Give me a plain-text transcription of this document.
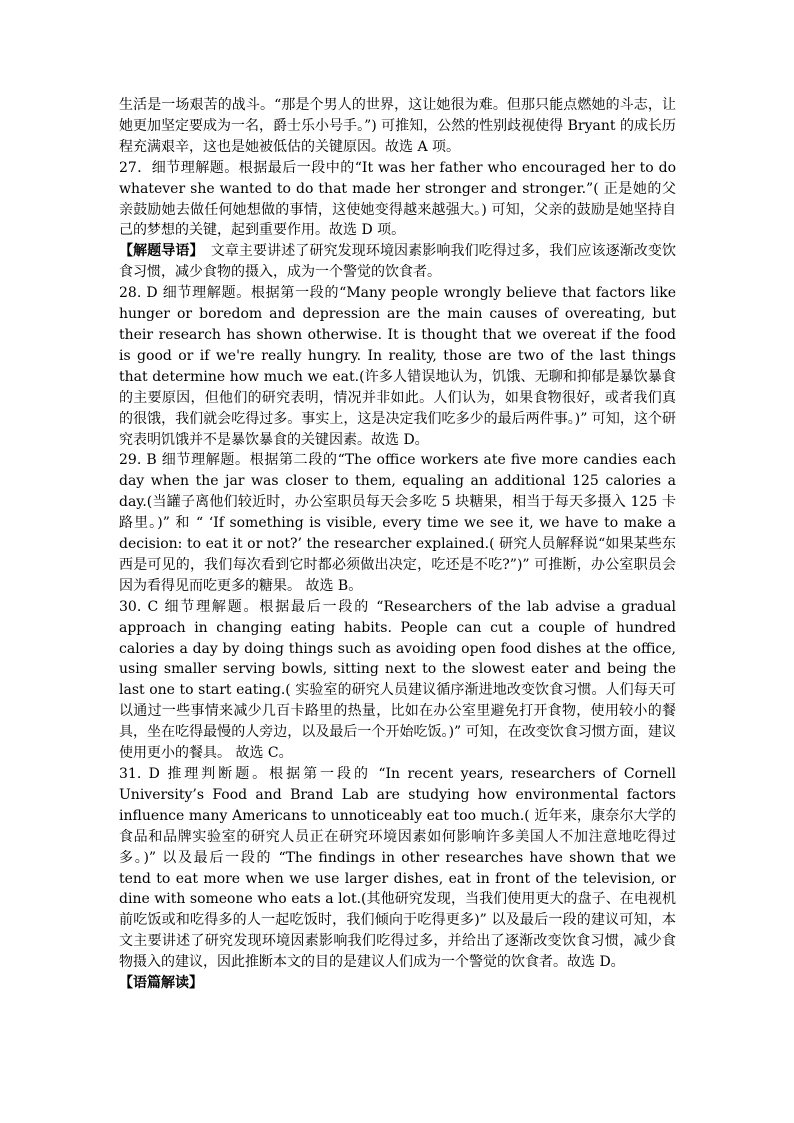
生活是一场艰苦的战斗。“那是个男人的世界，这让她很为难。但那只能点燃她的斗志，让她更加坚定要成为一名，爵士乐小号手。”) 可推知，公然的性别歧视使得 Bryant 的成长历程充满艰辛，这也是她被低估的关键原因。故选 A 项。

27．细节理解题。根据最后一段中的“It was her father who encouraged her to do whatever she wanted to do that made her stronger and stronger.”( 正是她的父亲鼓励她去做任何她想做的事情，这使她变得越来越强大。) 可知，父亲的鼓励是她坚持自己的梦想的关键，起到重要作用。故选 D 项。

【解题导语】　文章主要讲述了研究发现环境因素影响我们吃得过多，我们应该逐渐改变饮食习惯，减少食物的摄入，成为一个警觉的饮食者。

28. D 细节理解题。根据第一段的“Many people wrongly believe that factors like hunger or boredom and depression are the main causes of overeating, but their research has shown otherwise. It is thought that we overeat if the food is good or if we're really hungry. In reality, those are two of the last things that determine how much we eat.(许多人错误地认为，饥饿、无聊和抑郁是暴饮暴食的主要原因，但他们的研究表明，情况并非如此。人们认为，如果食物很好，或者我们真的很饿，我们就会吃得过多。事实上，这是决定我们吃多少的最后两件事。)” 可知，这个研究表明饥饿并不是暴饮暴食的关键因素。故选 D。

29. B 细节理解题。根据第二段的“The office workers ate five more candies each day when the jar was closer to them, equaling an additional 125 calories a day.(当罐子离他们较近时，办公室职员每天会多吃 5 块糖果，相当于每天多摄入 125 卡路里。)” 和 “ ‘If something is visible, every time we see it, we have to make a decision: to eat it or not?’ the researcher explained.( 研究人员解释说“如果某些东西是可见的，我们每次看到它时都必须做出决定，吃还是不吃?”)” 可推断，办公室职员会因为看得见而吃更多的糖果。 故选 B。

30. C 细节理解题。根据最后一段的 “Researchers of the lab advise a gradual approach in changing eating habits. People can cut a couple of hundred calories a day by doing things such as avoiding open food dishes at the office, using smaller serving bowls, sitting next to the slowest eater and being the last one to start eating.( 实验室的研究人员建议循序渐进地改变饮食习惯。人们每天可以通过一些事情来减少几百卡路里的热量，比如在办公室里避免打开食物，使用较小的餐具，坐在吃得最慢的人旁边，以及最后一个开始吃饭。)” 可知，在改变饮食习惯方面，建议使用更小的餐具。 故选 C。

31. D 推理判断题。根据第一段的 “In recent years, researchers of Cornell University’s Food and Brand Lab are studying how environmental factors influence many Americans to unnoticeably eat too much.( 近年来，康奈尔大学的食品和品牌实验室的研究人员正在研究环境因素如何影响许多美国人不加注意地吃得过多。)” 以及最后一段的 “The findings in other researches have shown that we tend to eat more when we use larger dishes, eat in front of the television, or dine with someone who eats a lot.(其他研究发现，当我们使用更大的盘子、在电视机前吃饭或和吃得多的人一起吃饭时，我们倾向于吃得更多)” 以及最后一段的建议可知，本文主要讲述了研究发现环境因素影响我们吃得过多，并给出了逐渐改变饮食习惯，减少食物摄入的建议，因此推断本文的目的是建议人们成为一个警觉的饮食者。故选 D。

【语篇解读】
